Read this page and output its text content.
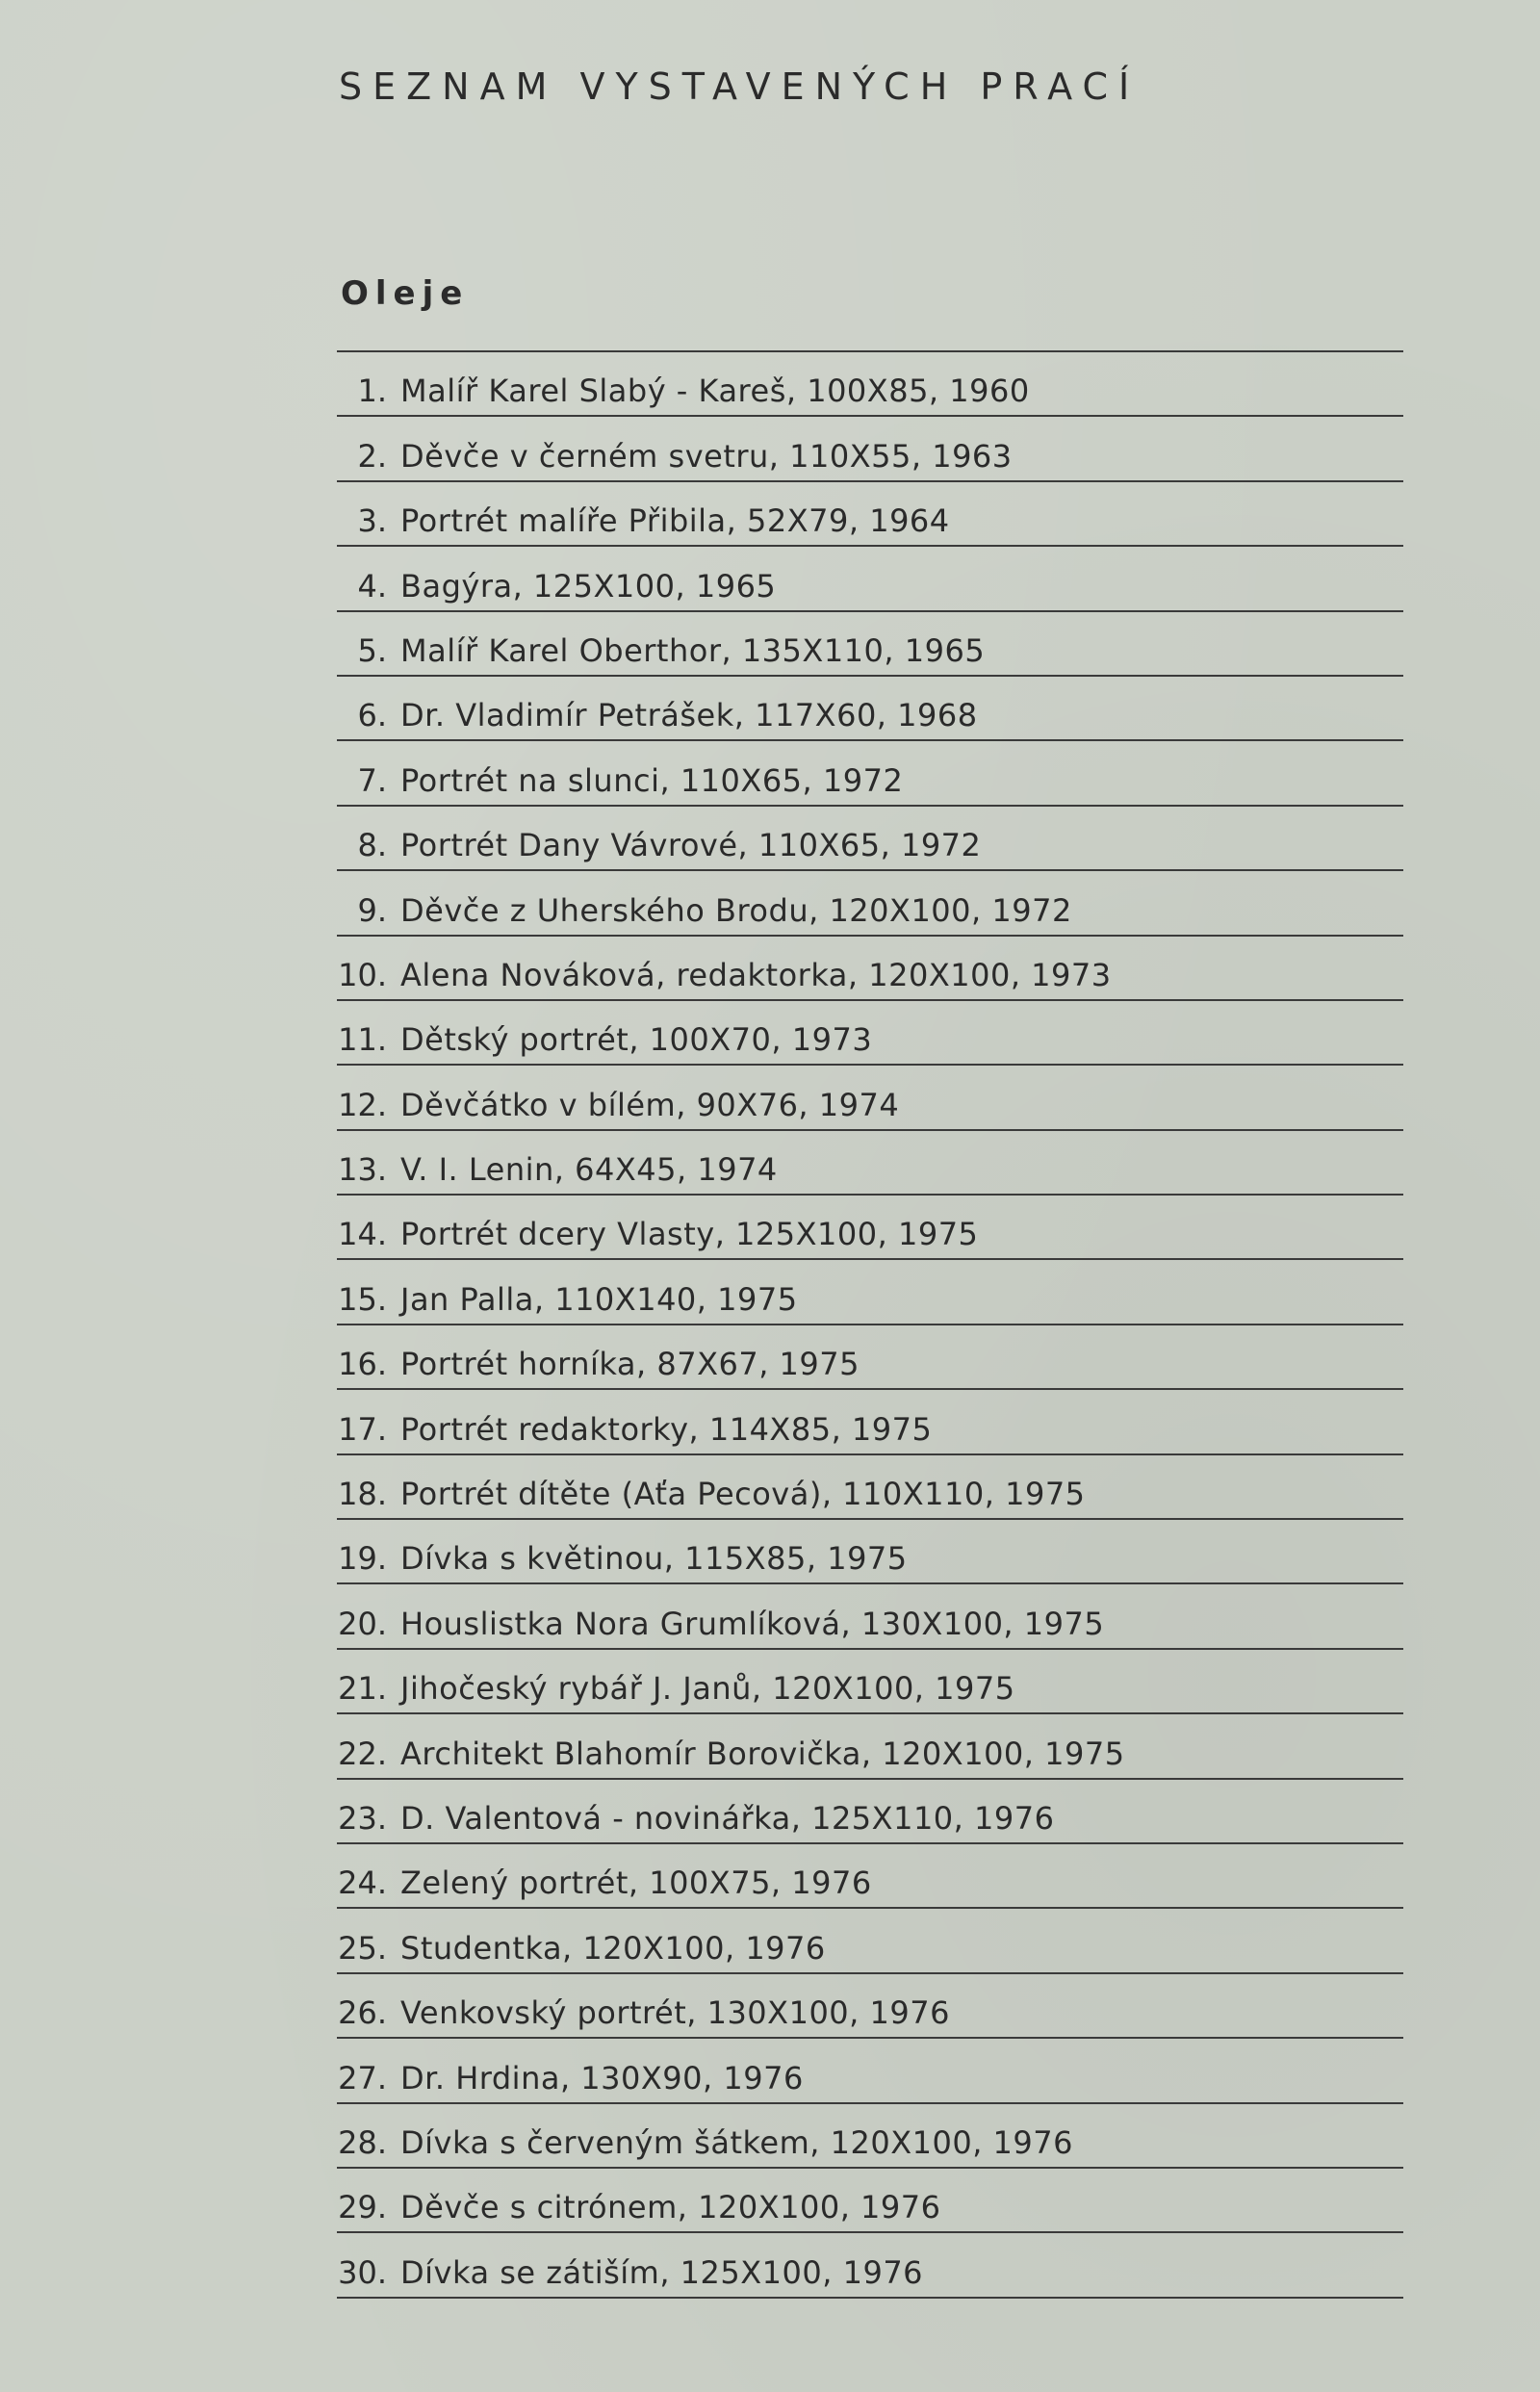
SEZNAM VYSTAVENÝCH PRACÍ
Oleje
1. Malíř Karel Slabý - Kareš, 100X85, 1960
2. Děvče v černém svetru, 110X55, 1963
3. Portrét malíře Přibila, 52X79, 1964
4. Bagýra, 125X100, 1965
5. Malíř Karel Oberthor, 135X110, 1965
6. Dr. Vladimír Petrášek, 117X60, 1968
7. Portrét na slunci, 110X65, 1972
8. Portrét Dany Vávrové, 110X65, 1972
9. Děvče z Uherského Brodu, 120X100, 1972
10. Alena Nováková, redaktorka, 120X100, 1973
11. Dětský portrét, 100X70, 1973
12. Děvčátko v bílém, 90X76, 1974
13. V. I. Lenin, 64X45, 1974
14. Portrét dcery Vlasty, 125X100, 1975
15. Jan Palla, 110X140, 1975
16. Portrét horníka, 87X67, 1975
17. Portrét redaktorky, 114X85, 1975
18. Portrét dítěte (Aťa Pecová), 110X110, 1975
19. Dívka s květinou, 115X85, 1975
20. Houslistka Nora Grumlíková, 130X100, 1975
21. Jihočeský rybář J. Janů, 120X100, 1975
22. Architekt Blahomír Borovička, 120X100, 1975
23. D. Valentová - novinářka, 125X110, 1976
24. Zelený portrét, 100X75, 1976
25. Studentka, 120X100, 1976
26. Venkovský portrét, 130X100, 1976
27. Dr. Hrdina, 130X90, 1976
28. Dívka s červeným šátkem, 120X100, 1976
29. Děvče s citrónem, 120X100, 1976
30. Dívka se zátiším, 125X100, 1976
